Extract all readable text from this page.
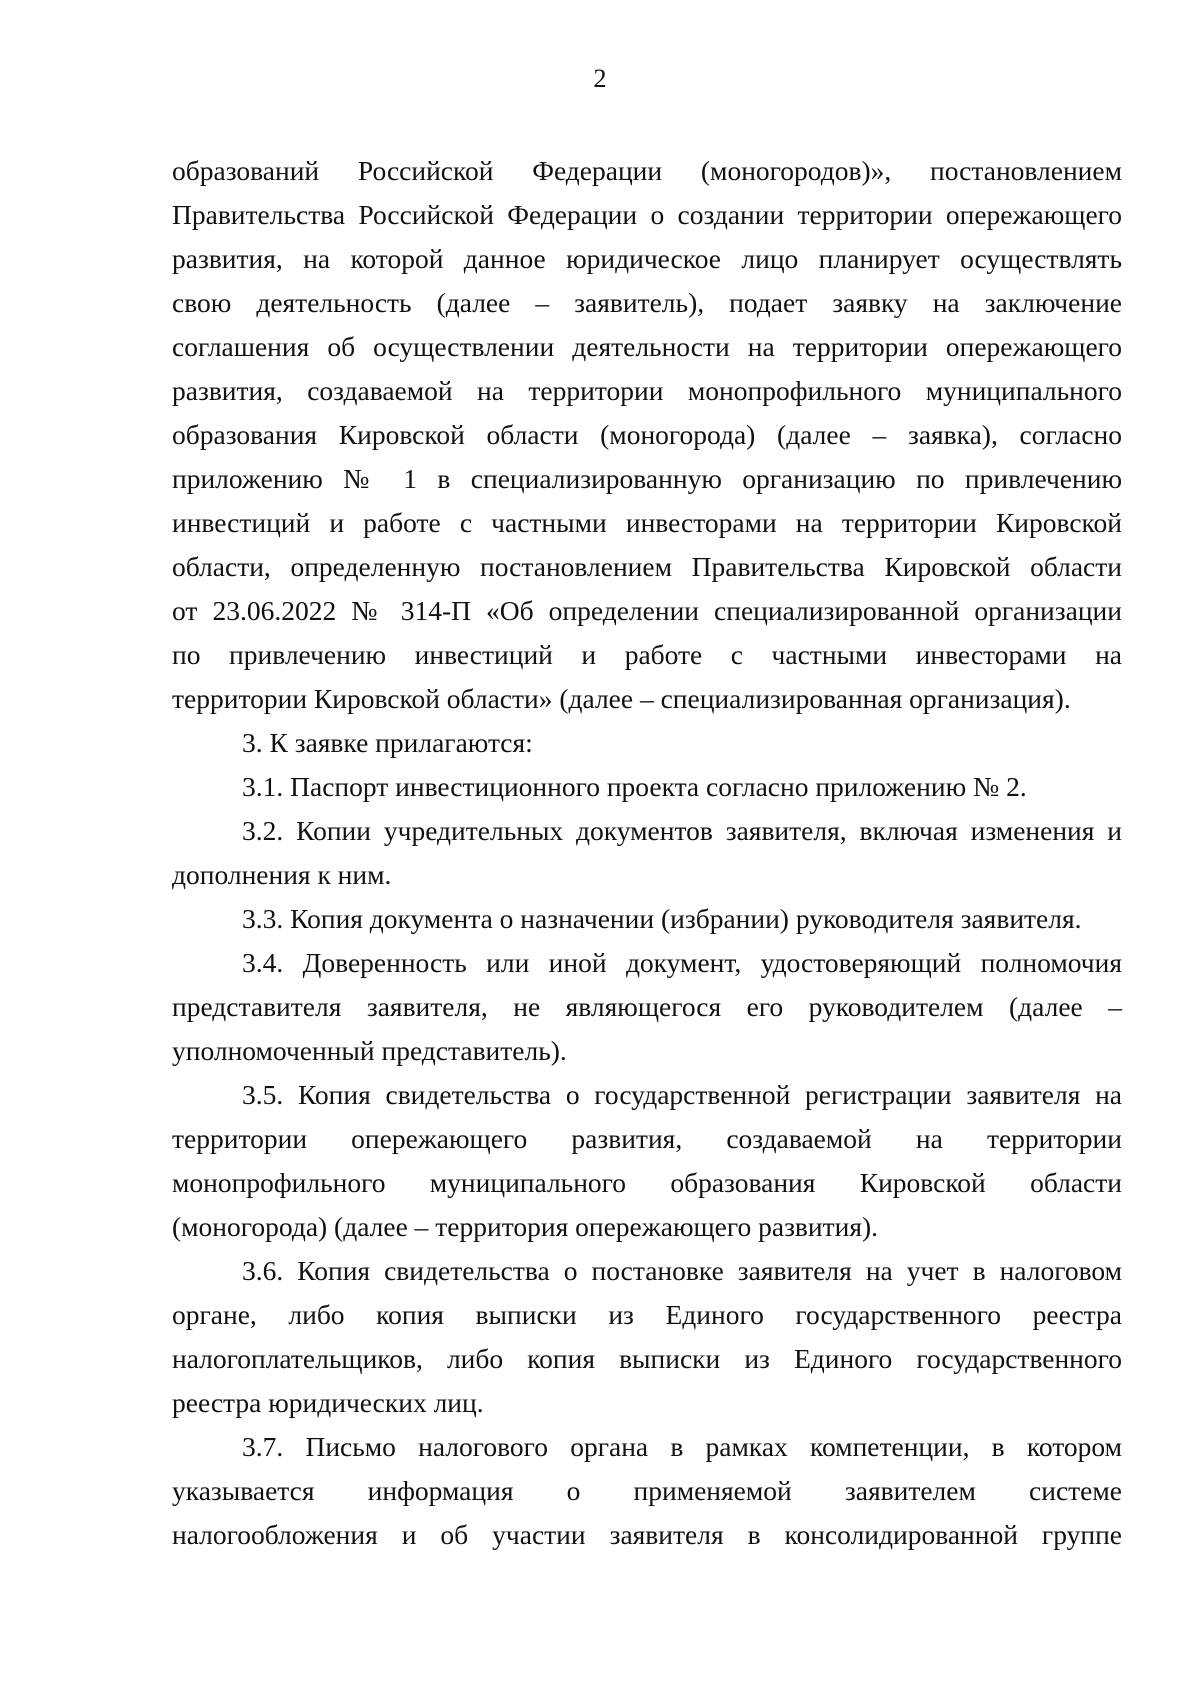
2
образований Российской Федерации (моногородов)», постановлением
Правительства Российской Федерации о создании территории опережающего
развития, на которой данное юридическое лицо планирует осуществлять
свою деятельность (далее – заявитель), подает заявку на заключение
соглашения об осуществлении деятельности на территории опережающего
развития, создаваемой на территории монопрофильного муниципального
образования Кировской области (моногорода) (далее – заявка), согласно
приложению № 1 в специализированную организацию по привлечению
инвестиций и работе с частными инвесторами на территории Кировской
области, определенную постановлением Правительства Кировской области
от 23.06.2022 № 314-П «Об определении специализированной организации
по привлечению инвестиций и работе с частными инвесторами на
территории Кировской области» (далее – специализированная организация).
3. К заявке прилагаются:
3.1. Паспорт инвестиционного проекта согласно приложению № 2.
3.2. Копии учредительных документов заявителя, включая изменения и
дополнения к ним.
3.3. Копия документа о назначении (избрании) руководителя заявителя.
3.4. Доверенность или иной документ, удостоверяющий полномочия
представителя заявителя, не являющегося его руководителем (далее –
уполномоченный представитель).
3.5. Копия свидетельства о государственной регистрации заявителя на
территории опережающего развития, создаваемой на территории
монопрофильного муниципального образования Кировской области
(моногорода) (далее – территория опережающего развития).
3.6. Копия свидетельства о постановке заявителя на учет в налоговом
органе, либо копия выписки из Единого государственного реестра
налогоплательщиков, либо копия выписки из Единого государственного
реестра юридических лиц.
3.7. Письмо налогового органа в рамках компетенции, в котором
указывается информация о применяемой заявителем системе
налогообложения и об участии заявителя в консолидированной группе
